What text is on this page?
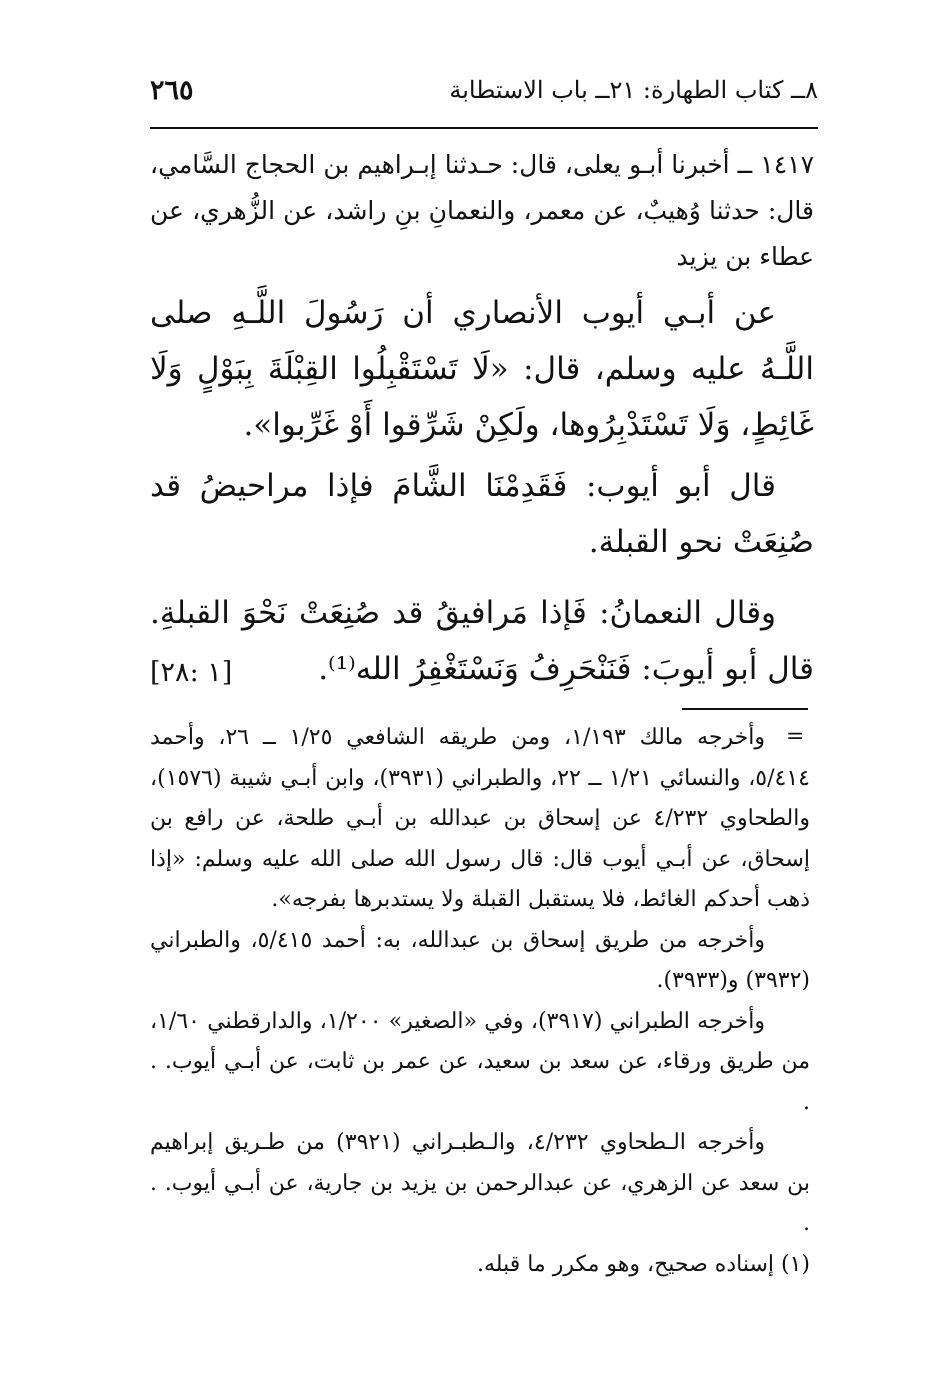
٨ــ كتاب الطهارة: ٢١ــ باب الاستطابة
٢٦٥
١٤١٧ ــ أخبرنا أبـو يعلى، قال: حـدثنا إبـراهيم بن الحجاج السَّامي، قال: حدثنا وُهيبٌ، عن معمر، والنعمانِ بنِ راشد، عن الزُّهري، عن عطاء بن يزيد

عن أبـي أيوب الأنصاري أن رَسُولَ اللَّـهِ صلى اللَّـهُ عليه وسلم، قال: «لَا تَسْتَقْبِلُوا القِبْلَةَ بِبَوْلٍ وَلَا غَائِطٍ، وَلَا تَسْتَدْبِرُوها، ولَكِنْ شَرِّقوا أَوْ غَرِّبوا».

قال أبو أيوب: فَقَدِمْنَا الشَّامَ فإذا مراحيضُ قد صُنِعَتْ نحو القبلة.

وقال النعمانُ: فَإذا مَرافيقُ قد صُنِعَتْ نَحْوَ القبلةِ. قال أبو أيوبَ: فَنَنْحَرِفُ وَنَسْتَغْفِرُ الله⁽¹⁾.
[١ :٢٨]

=

وأخرجه مالك ١/١٩٣، ومن طريقه الشافعي ١/٢٥ ــ ٢٦، وأحمد ٥/٤١٤، والنسائي ١/٢١ ــ ٢٢، والطبراني (٣٩٣١)، وابن أبـي شيبة (١٥٧٦)، والطحاوي ٤/٢٣٢ عن إسحاق بن عبدالله بن أبـي طلحة، عن رافع بن إسحاق، عن أبـي أيوب قال: قال رسول الله صلى الله عليه وسلم: «إذا ذهب أحدكم الغائط، فلا يستقبل القبلة ولا يستدبرها بفرجه».

وأخرجه من طريق إسحاق بن عبدالله، به: أحمد ٥/٤١٥، والطبراني (٣٩٣٢) و(٣٩٣٣).

وأخرجه الطبراني (٣٩١٧)، وفي «الصغير» ١/٢٠٠، والدارقطني ١/٦٠، من طريق ورقاء، عن سعد بن سعيد، عن عمر بن ثابت، عن أبـي أيوب. . .

وأخرجه الـطحاوي ٤/٢٣٢، والـطبـراني (٣٩٢١) من طـريق إبراهيم بن سعد عن الزهري، عن عبدالرحمن بن يزيد بن جارية، عن أبـي أيوب. . .

(١) إسناده صحيح، وهو مكرر ما قبله.
